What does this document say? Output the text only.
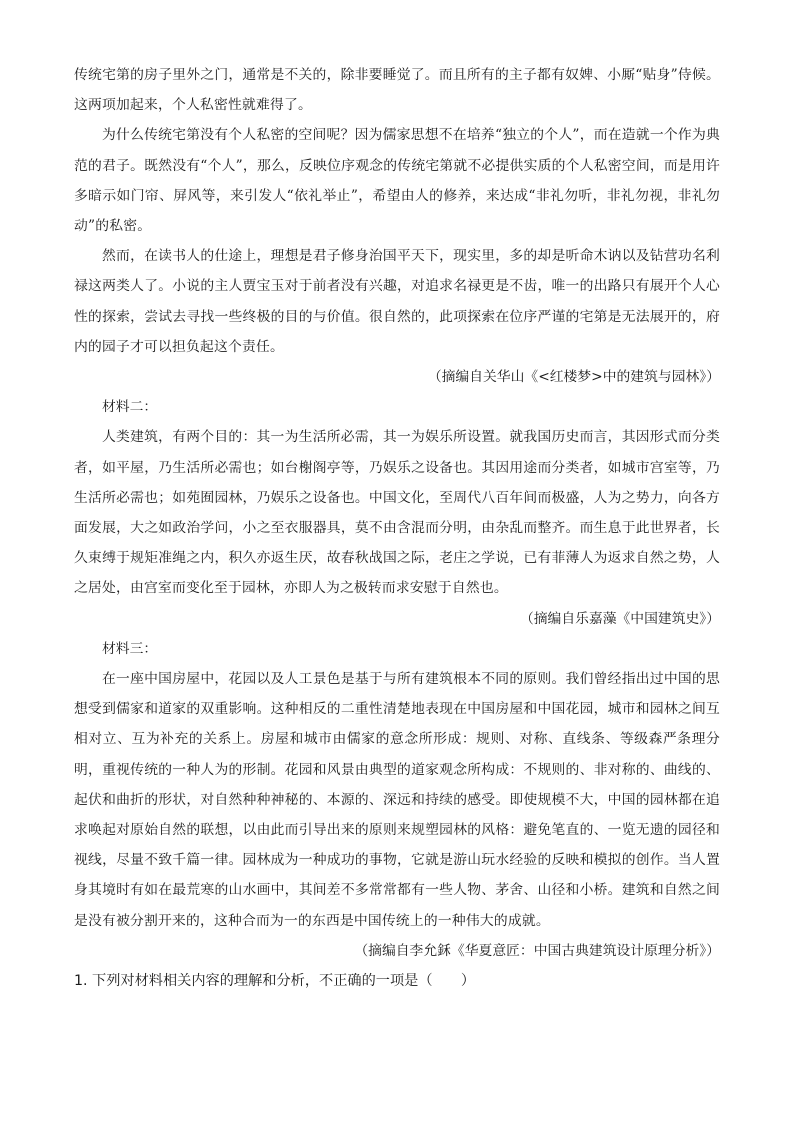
传统宅第的房子里外之门，通常是不关的，除非要睡觉了。而且所有的主子都有奴婢、小厮“贴身”侍候。这两项加起来，个人私密性就难得了。

为什么传统宅第没有个人私密的空间呢？因为儒家思想不在培养“独立的个人”，而在造就一个作为典范的君子。既然没有“个人”，那么，反映位序观念的传统宅第就不必提供实质的个人私密空间，而是用许多暗示如门帘、屏风等，来引发人“依礼举止”，希望由人的修养，来达成“非礼勿听，非礼勿视，非礼勿动”的私密。

然而，在读书人的仕途上，理想是君子修身治国平天下，现实里，多的却是听命木讷以及钻营功名利禄这两类人了。小说的主人贾宝玉对于前者没有兴趣，对追求名禄更是不齿，唯一的出路只有展开个人心性的探索，尝试去寻找一些终极的目的与价值。很自然的，此项探索在位序严谨的宅第是无法展开的，府内的园子才可以担负起这个责任。

（摘编自关华山《<红楼梦>中的建筑与园林》）

材料二：

人类建筑，有两个目的：其一为生活所必需，其一为娱乐所设置。就我国历史而言，其因形式而分类者，如平屋，乃生活所必需也；如台榭阁亭等，乃娱乐之设备也。其因用途而分类者，如城市宫室等，乃生活所必需也；如苑囿园林，乃娱乐之设备也。中国文化，至周代八百年间而极盛，人为之势力，向各方面发展，大之如政治学问，小之至衣服器具，莫不由含混而分明，由杂乱而整齐。而生息于此世界者，长久束缚于规矩准绳之内，积久亦返生厌，故春秋战国之际，老庄之学说，已有菲薄人为返求自然之势，人之居处，由宫室而变化至于园林，亦即人为之极转而求安慰于自然也。

（摘编自乐嘉藻《中国建筑史》）

材料三：

在一座中国房屋中，花园以及人工景色是基于与所有建筑根本不同的原则。我们曾经指出过中国的思想受到儒家和道家的双重影响。这种相反的二重性清楚地表现在中国房屋和中国花园，城市和园林之间互相对立、互为补充的关系上。房屋和城市由儒家的意念所形成：规则、对称、直线条、等级森严条理分明，重视传统的一种人为的形制。花园和风景由典型的道家观念所构成：不规则的、非对称的、曲线的、起伏和曲折的形状，对自然种种神秘的、本源的、深远和持续的感受。即使规模不大，中国的园林都在追求唤起对原始自然的联想，以由此而引导出来的原则来规塑园林的风格：避免笔直的、一览无遗的园径和视线，尽量不致千篇一律。园林成为一种成功的事物，它就是游山玩水经验的反映和模拟的创作。当人置身其境时有如在最荒寒的山水画中，其间差不多常常都有一些人物、茅舍、山径和小桥。建筑和自然之间是没有被分割开来的，这种合而为一的东西是中国传统上的一种伟大的成就。

（摘编自李允鉌《华夏意匠：中国古典建筑设计原理分析》）

1. 下列对材料相关内容的理解和分析，不正确的一项是（　　）
